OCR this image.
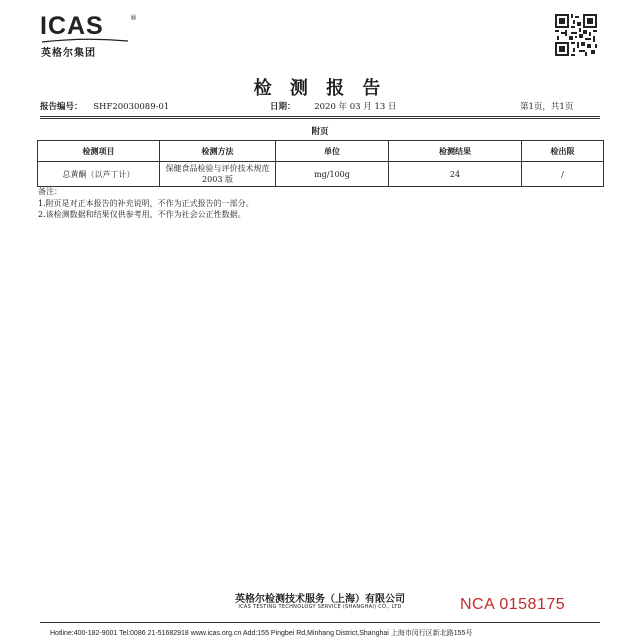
ICAS	®
英格尔集团
检 测 报 告
报告编号： SHF20030089-01	日期： 2020 年 03 月 13 日	第1页，共1页
附页
检测项目	检测方法	单位	检测结果	检出限
总黄酮（以芦丁计）	保健食品检验与评价技术规范 2003 版	mg/100g	24	/
备注：
1.附页是对正本报告的补充说明，不作为正式报告的一部分。
2.该检测数据和结果仅供参考用，不作为社会公正性数据。
英格尔检测技术服务（上海）有限公司
ICAS TESTING TECHNOLOGY SERVICE (SHANGHAI) CO., LTD	NCA 0158175
Hotline:400-182-9001 Tel:0086 21-51682918 www.icas.org.cn Add:155 Pingbei Rd,Minhang District,Shanghai 上海市闵行区新北路155号
